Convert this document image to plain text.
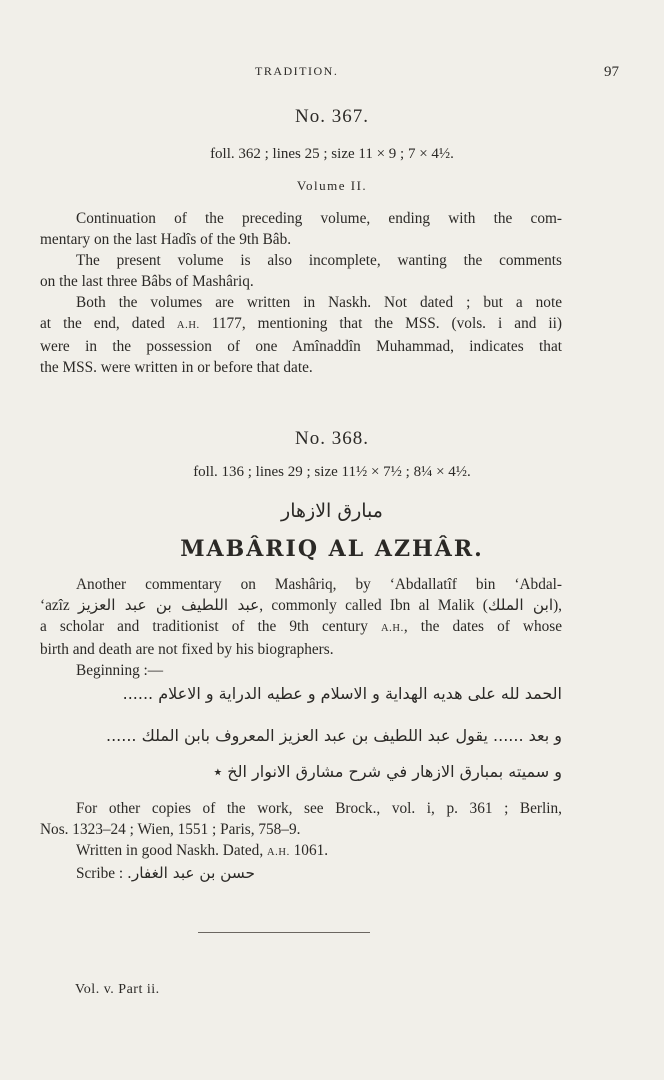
TRADITION.	97
No. 367.
foll. 362 ; lines 25 ; size 11 × 9 ; 7 × 4½.
Volume II.
Continuation of the preceding volume, ending with the com-
mentary on the last Hadîs of the 9th Bâb.
The present volume is also incomplete, wanting the comments
on the last three Bâbs of Mashâriq.
Both the volumes are written in Naskh. Not dated ; but a note
at the end, dated A.H. 1177, mentioning that the MSS. (vols. i and ii)
were in the possession of one Amînaddîn Muhammad, indicates that
the MSS. were written in or before that date.
No. 368.
foll. 136 ; lines 29 ; size 11½ × 7½ ; 8¼ × 4½.
مبارق الازهار
MABÂRIQ AL AZHÂR.
Another commentary on Mashâriq, by ‘Abdallatîf bin ‘Abdal-
‘azîz عبد اللطيف بن عبد العزيز, commonly called Ibn al Malik (ابن الملك),
a scholar and traditionist of the 9th century A.H., the dates of whose
birth and death are not fixed by his biographers.
Beginning :—
الحمد لله على هديه الهداية و الاسلام و عطيه الدراية و الاعلام ......
و بعد ...... يقول عبد اللطيف بن عبد العزيز المعروف بابن الملك ......
و سميته بمبارق الازهار في شرح مشارق الانوار الخ ٭
For other copies of the work, see Brock., vol. i, p. 361 ; Berlin,
Nos. 1323–24 ; Wien, 1551 ; Paris, 758–9.
Written in good Naskh. Dated, A.H. 1061.
Scribe : حسن بن عبد الغفار.
Vol. v. Part ii.
